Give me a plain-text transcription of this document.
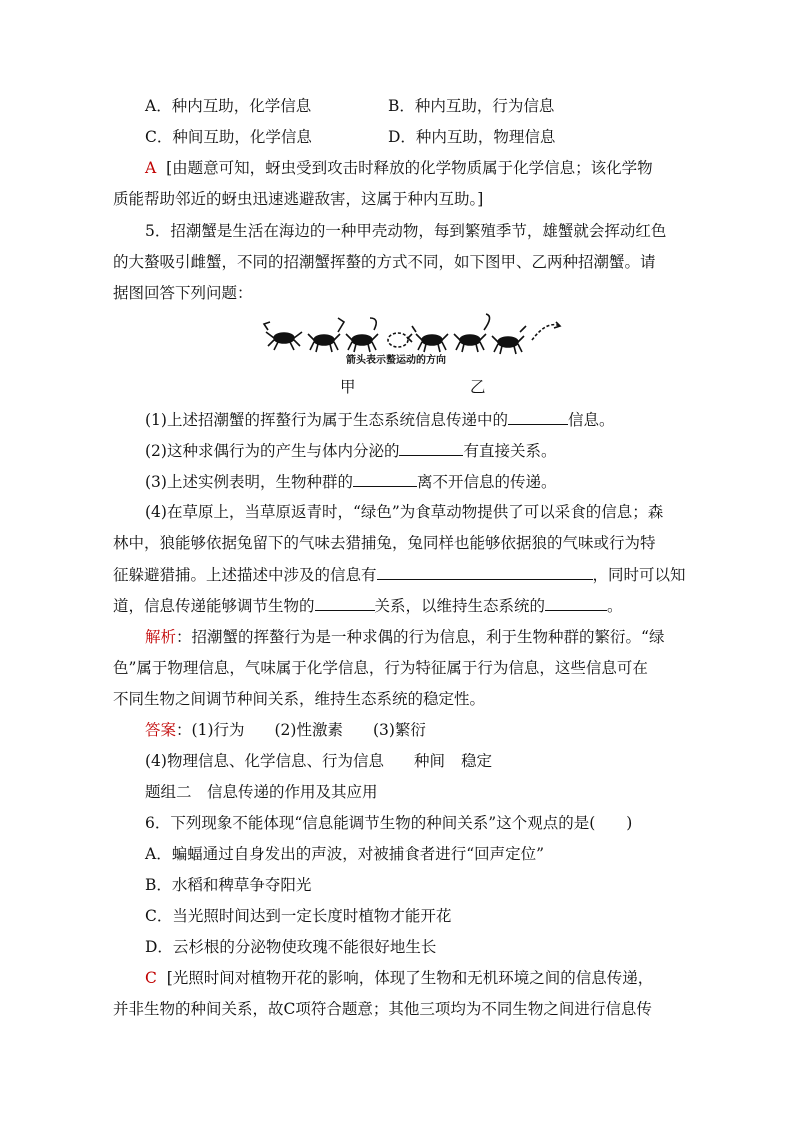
A．种内互助，化学信息	B．种内互助，行为信息
C．种间互助，化学信息	D．种内互助，物理信息
A [由题意可知，蚜虫受到攻击时释放的化学物质属于化学信息；该化学物
质能帮助邻近的蚜虫迅速逃避敌害，这属于种内互助。]
5．招潮蟹是生活在海边的一种甲壳动物，每到繁殖季节，雄蟹就会挥动红色
的大螯吸引雌蟹，不同的招潮蟹挥螯的方式不同，如下图甲、乙两种招潮蟹。请
据图回答下列问题：
箭头表示螯运动的方向
甲	乙
(1)上述招潮蟹的挥螯行为属于生态系统信息传递中的	信息。
(2)这种求偶行为的产生与体内分泌的	有直接关系。
(3)上述实例表明，生物种群的	离不开信息的传递。
(4)在草原上，当草原返青时，“绿色”为食草动物提供了可以采食的信息；森
林中，狼能够依据兔留下的气味去猎捕兔，兔同样也能够依据狼的气味或行为特
征躲避猎捕。上述描述中涉及的信息有	，同时可以知
道，信息传递能够调节生物的	关系，以维持生态系统的	。
解析：招潮蟹的挥螯行为是一种求偶的行为信息，利于生物种群的繁衍。“绿
色”属于物理信息，气味属于化学信息，行为特征属于行为信息，这些信息可在
不同生物之间调节种间关系，维持生态系统的稳定性。
答案：(1)行为 (2)性激素 (3)繁衍
(4)物理信息、化学信息、行为信息 种间 稳定
题组二　信息传递的作用及其应用
6．下列现象不能体现“信息能调节生物的种间关系”这个观点的是(　　)
A．蝙蝠通过自身发出的声波，对被捕食者进行“回声定位”
B．水稻和稗草争夺阳光
C．当光照时间达到一定长度时植物才能开花
D．云杉根的分泌物使玫瑰不能很好地生长
C [光照时间对植物开花的影响，体现了生物和无机环境之间的信息传递，
并非生物的种间关系，故C项符合题意；其他三项均为不同生物之间进行信息传
